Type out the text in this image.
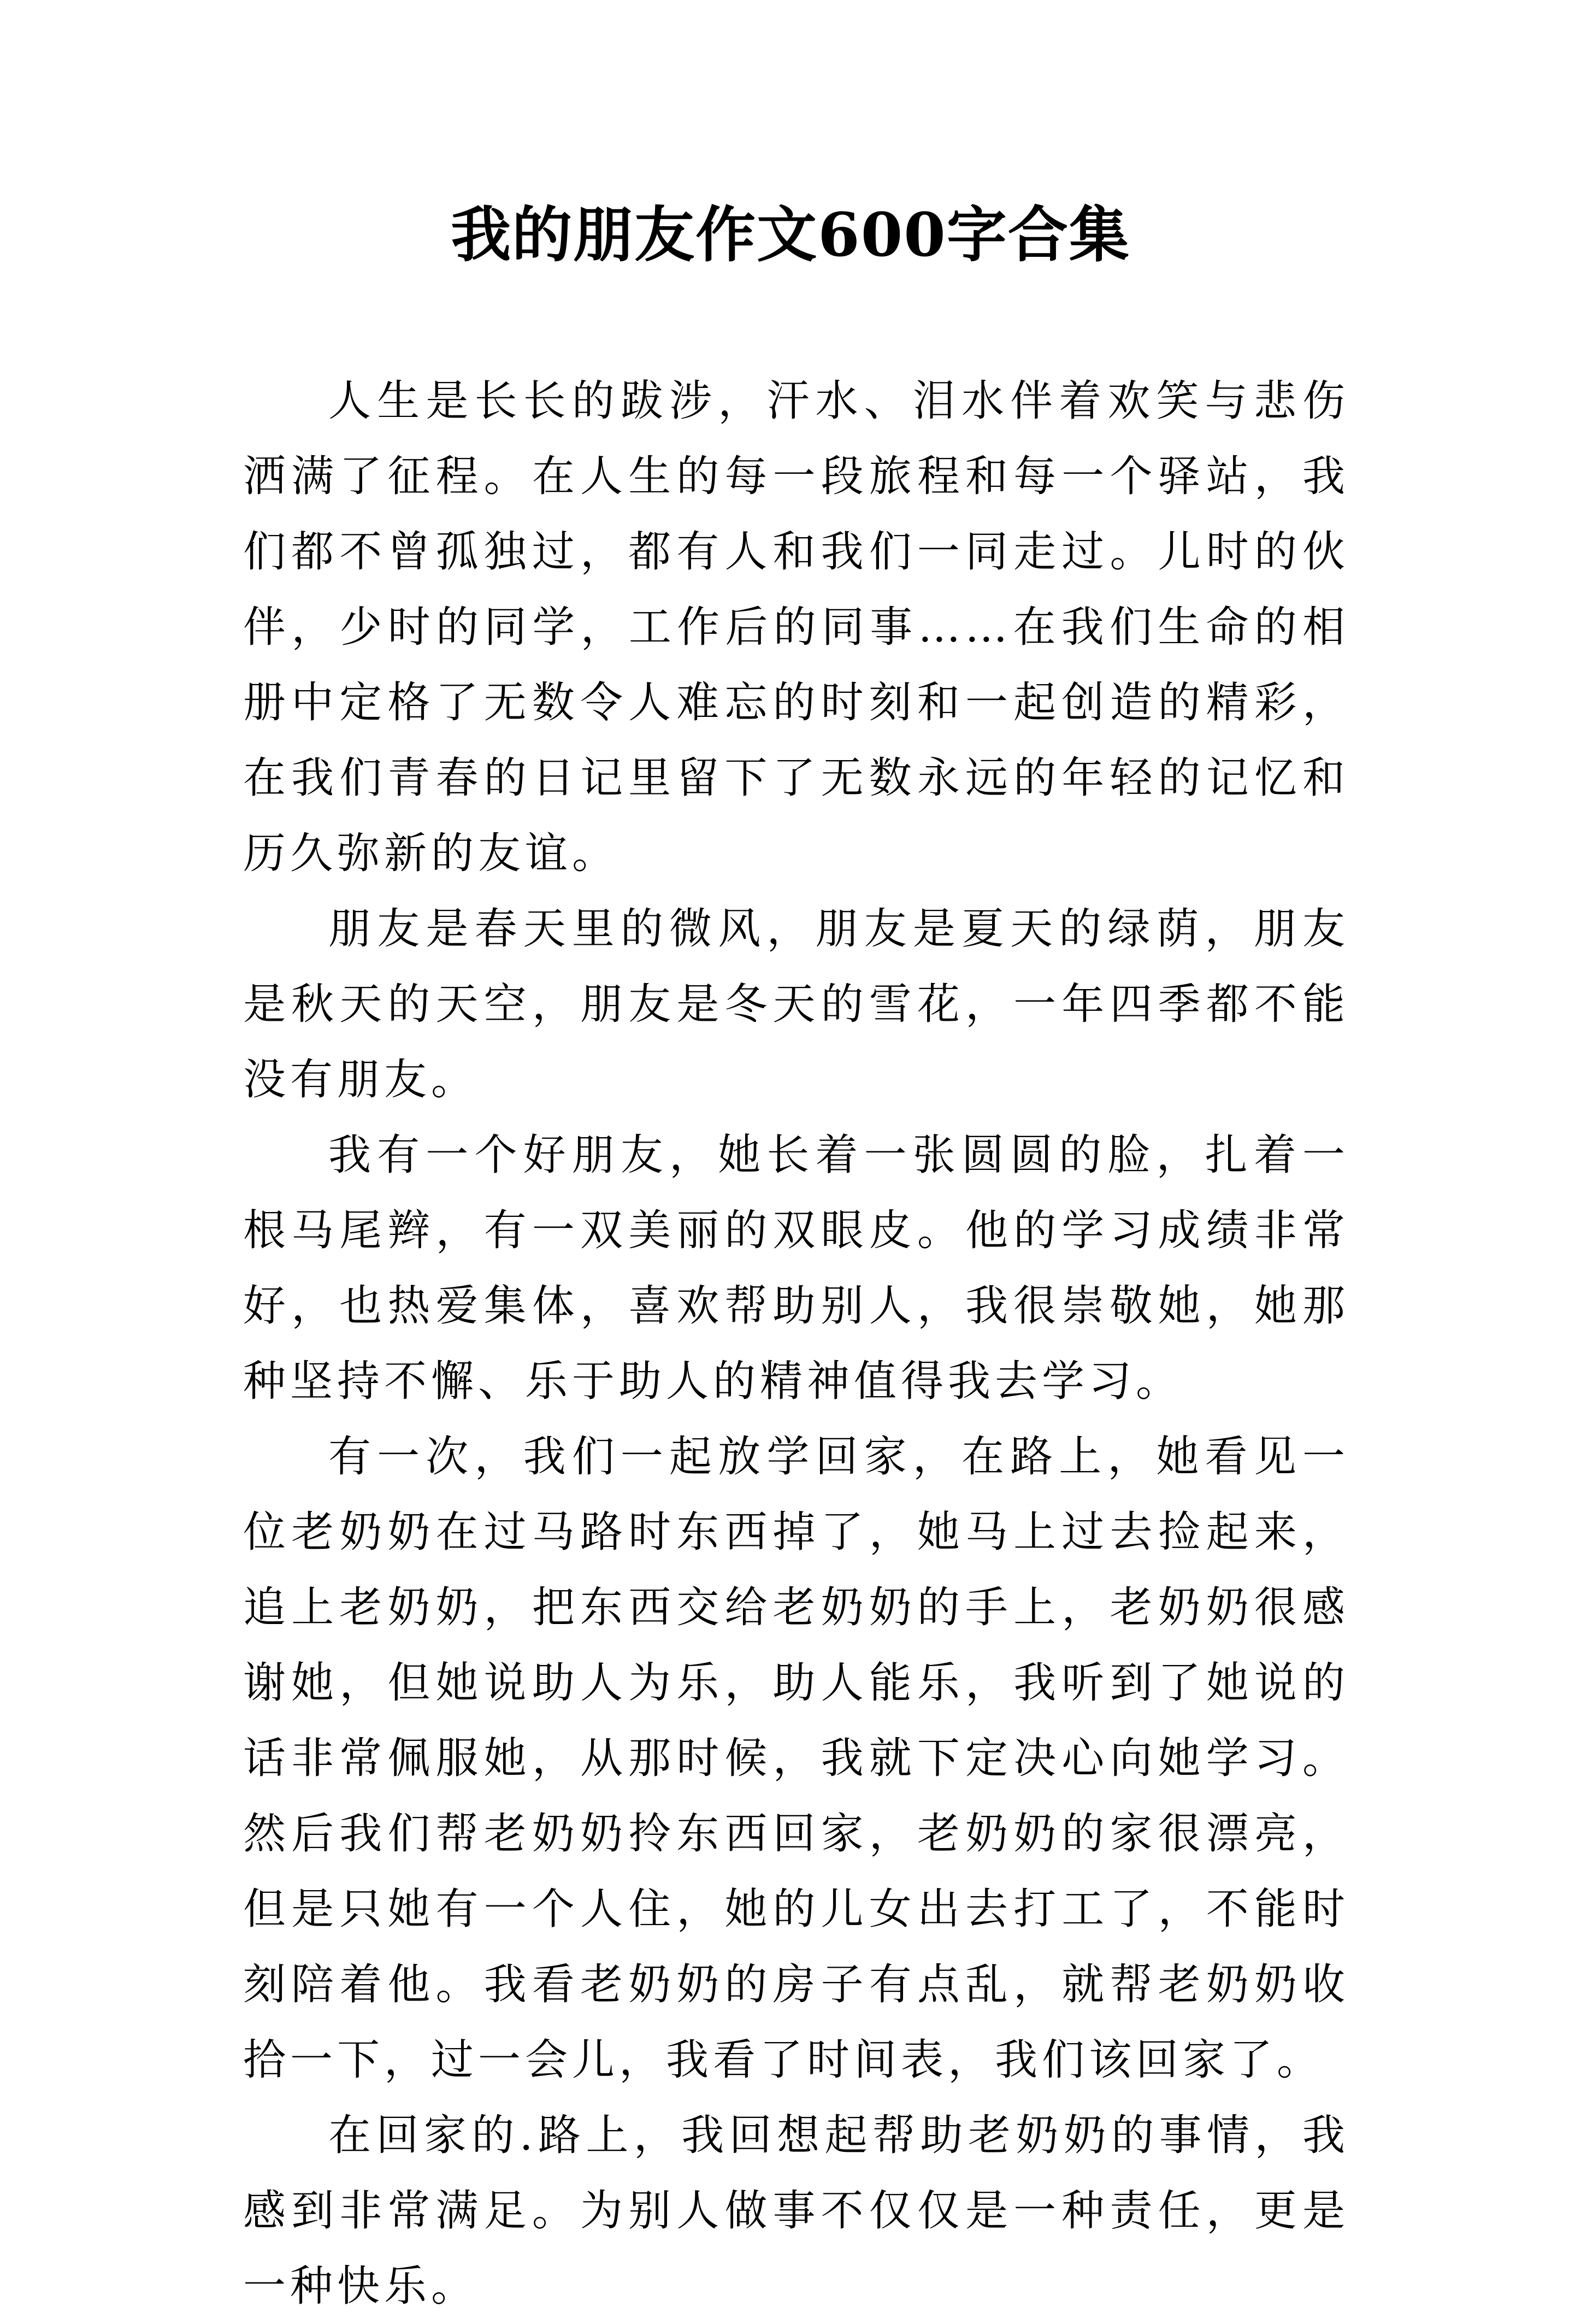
我的朋友作文600字合集

人生是长长的跋涉，汗水、泪水伴着欢笑与悲伤洒满了征程。在人生的每一段旅程和每一个驿站，我们都不曾孤独过，都有人和我们一同走过。儿时的伙伴，少时的同学，工作后的同事……在我们生命的相册中定格了无数令人难忘的时刻和一起创造的精彩，在我们青春的日记里留下了无数永远的年轻的记忆和历久弥新的友谊。

朋友是春天里的微风，朋友是夏天的绿荫，朋友是秋天的天空，朋友是冬天的雪花，一年四季都不能没有朋友。

我有一个好朋友，她长着一张圆圆的脸，扎着一根马尾辫，有一双美丽的双眼皮。他的学习成绩非常好，也热爱集体，喜欢帮助别人，我很崇敬她，她那种坚持不懈、乐于助人的精神值得我去学习。

有一次，我们一起放学回家，在路上，她看见一位老奶奶在过马路时东西掉了，她马上过去捡起来，追上老奶奶，把东西交给老奶奶的手上，老奶奶很感谢她，但她说助人为乐，助人能乐，我听到了她说的话非常佩服她，从那时候，我就下定决心向她学习。然后我们帮老奶奶拎东西回家，老奶奶的家很漂亮，但是只她有一个人住，她的儿女出去打工了，不能时刻陪着他。我看老奶奶的房子有点乱，就帮老奶奶收拾一下，过一会儿，我看了时间表，我们该回家了。

在回家的.路上，我回想起帮助老奶奶的事情，我感到非常满足。为别人做事不仅仅是一种责任，更是一种快乐。
